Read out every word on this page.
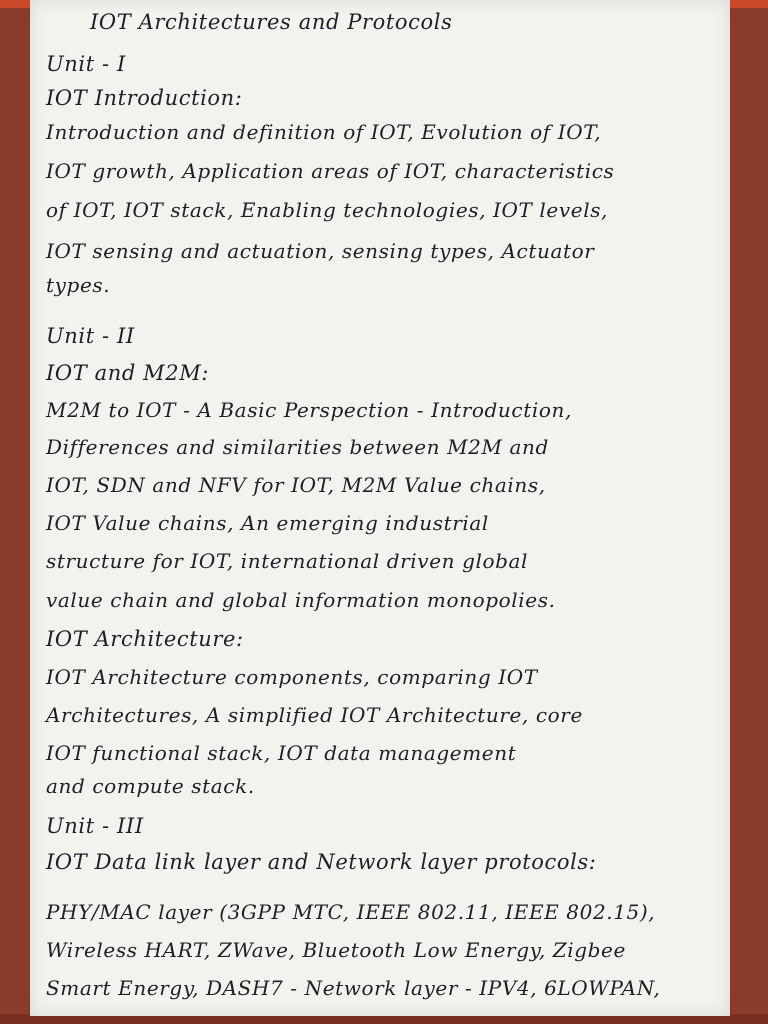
IOT Architectures and Protocols
Unit - I
IOT Introduction:
Introduction and definition of IOT, Evolution of IOT,
IOT growth, Application areas of IOT, characteristics
of IOT, IOT stack, Enabling technologies, IOT levels,
IOT sensing and actuation, sensing types, Actuator
types.
Unit - II
IOT and M2M:
M2M to IOT - A Basic Perspection - Introduction,
Differences and similarities between M2M and
IOT, SDN and NFV for IOT, M2M Value chains,
IOT Value chains, An emerging industrial
structure for IOT, international driven global
value chain and global information monopolies.
IOT Architecture:
IOT Architecture components, comparing IOT
Architectures, A simplified IOT Architecture, core
IOT functional stack, IOT data management
and compute stack.
Unit - III
IOT Data link layer and Network layer protocols:
PHY/MAC layer (3GPP MTC, IEEE 802.11, IEEE 802.15),
Wireless HART, ZWave, Bluetooth Low Energy, Zigbee
Smart Energy, DASH7 - Network layer - IPV4, 6LOWPAN,
